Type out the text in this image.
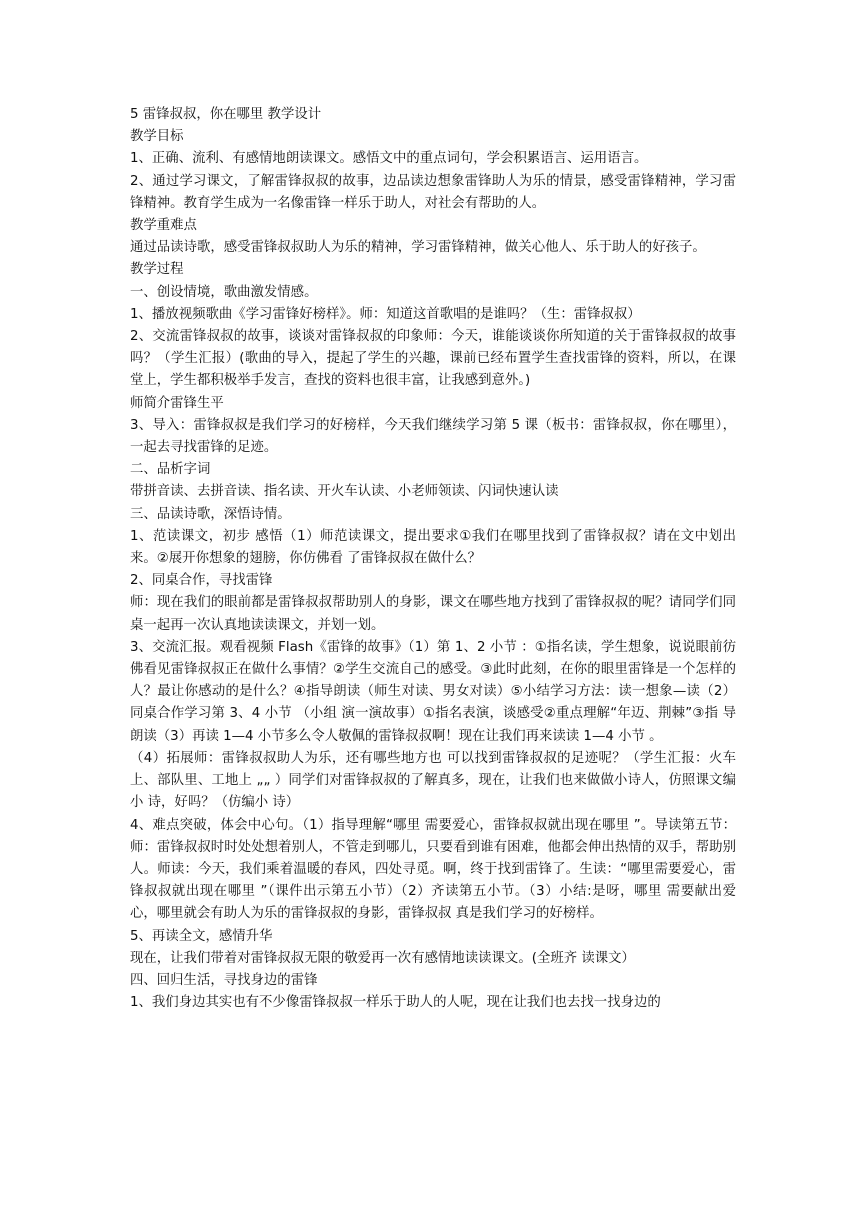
5 雷锋叔叔，你在哪里 教学设计

教学目标

1、正确、流利、有感情地朗读课文。感悟文中的重点词句，学会积累语言、运用语言。

2、通过学习课文，了解雷锋叔叔的故事，边品读边想象雷锋助人为乐的情景，感受雷锋精神，学习雷锋精神。教育学生成为一名像雷锋一样乐于助人，对社会有帮助的人。

教学重难点

通过品读诗歌，感受雷锋叔叔助人为乐的精神，学习雷锋精神，做关心他人、乐于助人的好孩子。

教学过程

一、创设情境，歌曲激发情感。

1、播放视频歌曲《学习雷锋好榜样》。师：知道这首歌唱的是谁吗？（生：雷锋叔叔）

2、交流雷锋叔叔的故事，谈谈对雷锋叔叔的印象师：今天，谁能谈谈你所知道的关于雷锋叔叔的故事吗？（学生汇报）(歌曲的导入，提起了学生的兴趣，课前已经布置学生查找雷锋的资料，所以，在课堂上，学生都积极举手发言，查找的资料也很丰富，让我感到意外。)

师简介雷锋生平

3、导入：雷锋叔叔是我们学习的好榜样，今天我们继续学习第 5 课（板书：雷锋叔叔，你在哪里），一起去寻找雷锋的足迹。

二、品析字词

带拼音读、去拼音读、指名读、开火车认读、小老师领读、闪词快速认读

三、品读诗歌，深悟诗情。

1、范读课文，初步 感悟（1）师范读课文，提出要求①我们在哪里找到了雷锋叔叔？请在文中划出来。②展开你想象的翅膀，你仿佛看 了雷锋叔叔在做什么？

2、同桌合作，寻找雷锋

师：现在我们的眼前都是雷锋叔叔帮助别人的身影，课文在哪些地方找到了雷锋叔叔的呢？请同学们同桌一起再一次认真地读读课文，并划一划。

3、交流汇报。观看视频 Flash《雷锋的故事》（1）第 1、2 小节 ：①指名读，学生想象，说说眼前彷佛看见雷锋叔叔正在做什么事情？②学生交流自己的感受。③此时此刻，在你的眼里雷锋是一个怎样的人？最让你感动的是什么？④指导朗读（师生对读、男女对读）⑤小结学习方法：读一想象—读（2）同桌合作学习第 3、4 小节 （小组 演一演故事）①指名表演，谈感受②重点理解“年迈、荆棘”③指 导朗读（3）再读 1—4 小节多么令人敬佩的雷锋叔叔啊！现在让我们再来读读 1—4 小节 。

（4）拓展师：雷锋叔叔助人为乐，还有哪些地方也 可以找到雷锋叔叔的足迹呢？（学生汇报：火车上、部队里、工地上 „„ ）同学们对雷锋叔叔的了解真多，现在，让我们也来做做小诗人，仿照课文编小 诗，好吗？（仿编小 诗）

4、难点突破，体会中心句。（1）指导理解“哪里 需要爱心，雷锋叔叔就出现在哪里 ”。导读第五节：师：雷锋叔叔时时处处想着别人，不管走到哪儿，只要看到谁有困难，他都会伸出热情的双手，帮助别人。师读：今天，我们乘着温暖的春风，四处寻觅。啊，终于找到雷锋了。生读：“哪里需要爱心，雷锋叔叔就出现在哪里 ”（课件出示第五小节）（2）齐读第五小节。（3）小结:是呀，哪里 需要献出爱心，哪里就会有助人为乐的雷锋叔叔的身影，雷锋叔叔 真是我们学习的好榜样。

5、再读全文，感情升华

现在，让我们带着对雷锋叔叔无限的敬爱再一次有感情地读读课文。(全班齐 读课文）

四、回归生活，寻找身边的雷锋

1、我们身边其实也有不少像雷锋叔叔一样乐于助人的人呢，现在让我们也去找一找身边的
